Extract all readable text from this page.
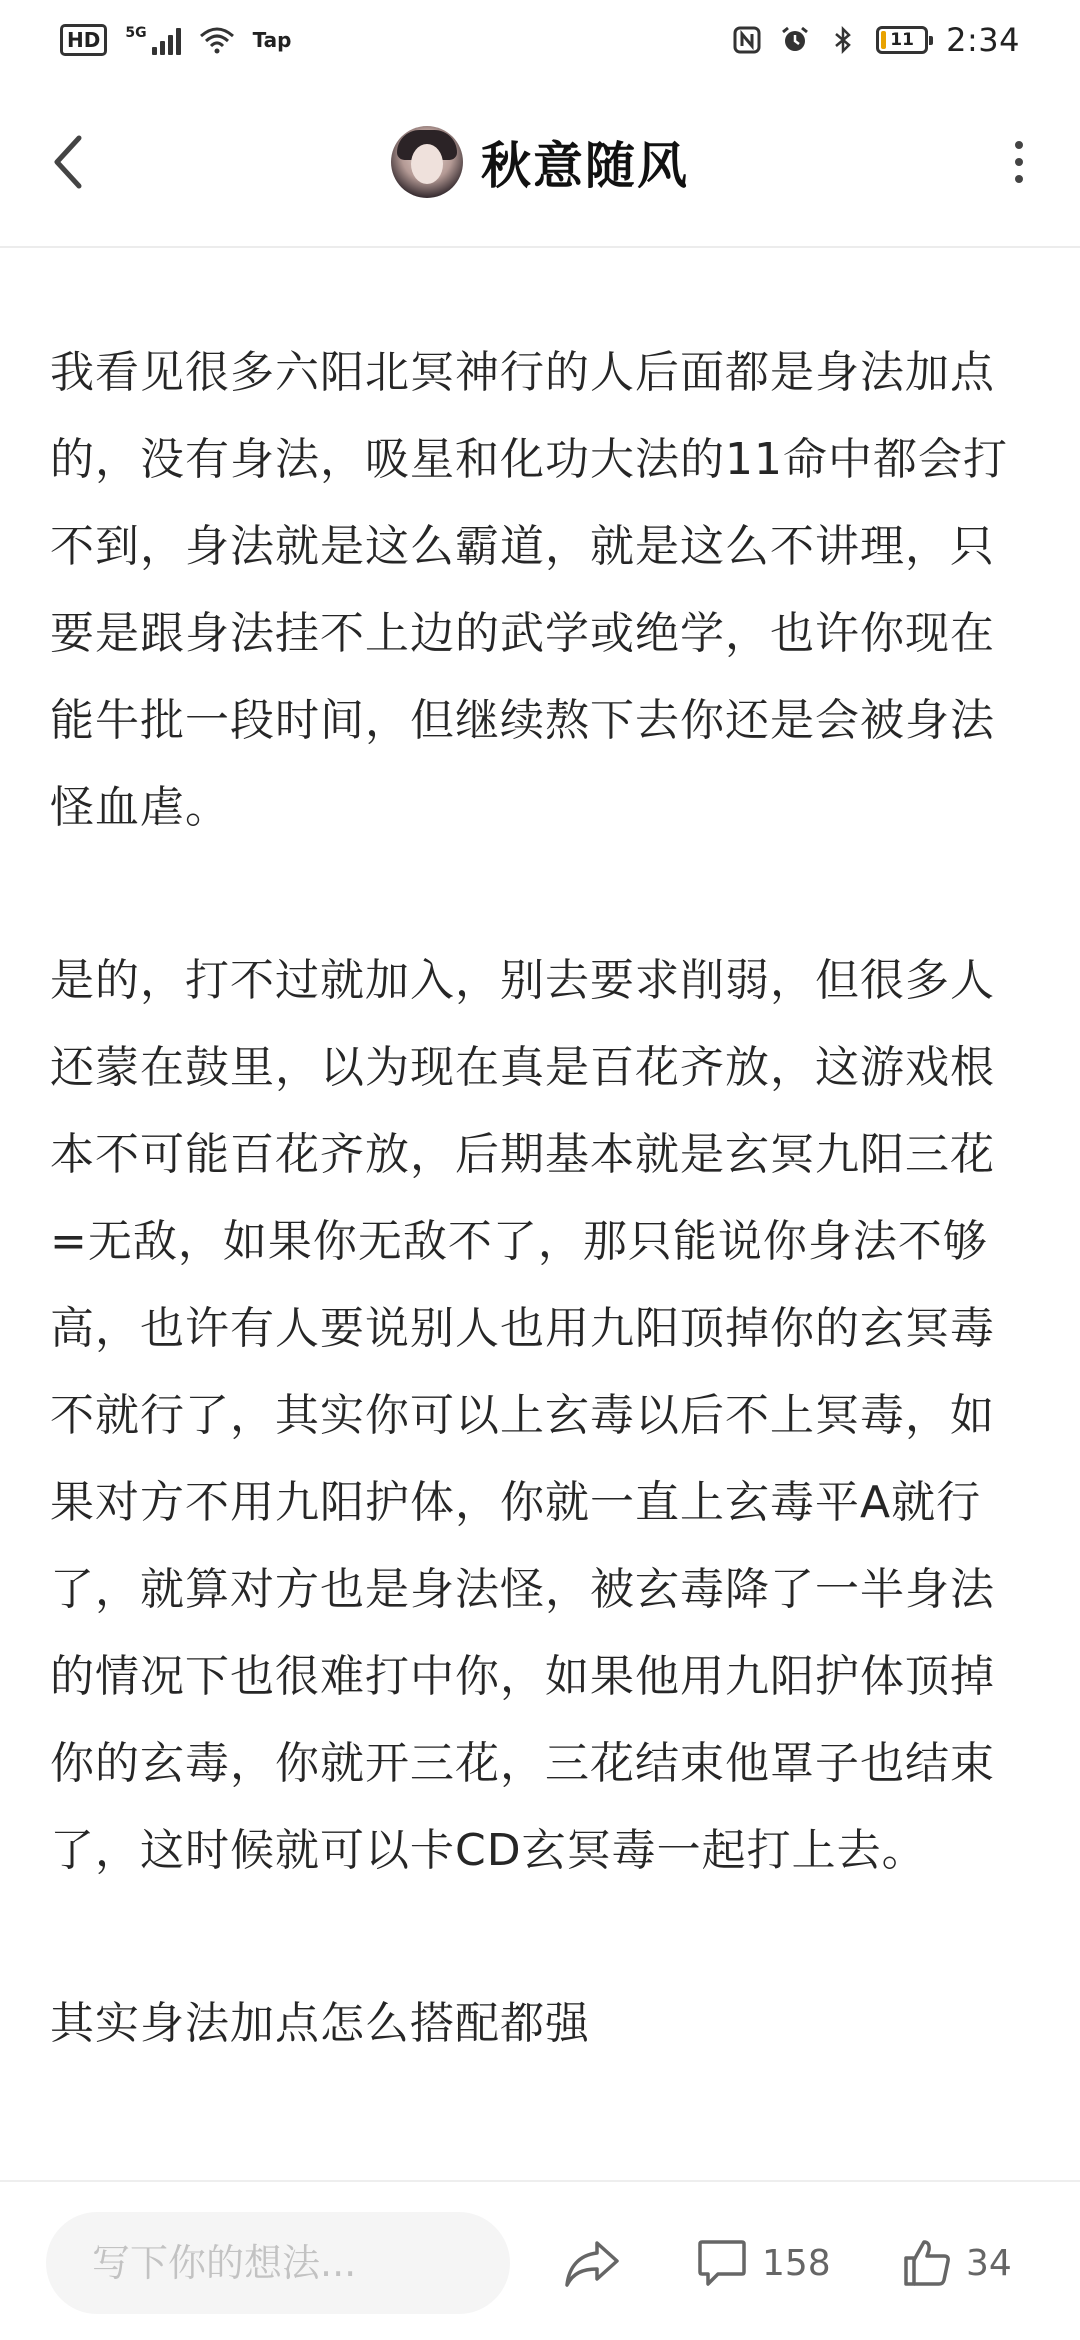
HD	5G	Tap	11	2:34
秋意随风

我看见很多六阳北冥神行的人后面都是身法加点的，没有身法，吸星和化功大法的11命中都会打不到，身法就是这么霸道，就是这么不讲理，只要是跟身法挂不上边的武学或绝学，也许你现在能牛批一段时间，但继续熬下去你还是会被身法怪血虐。

是的，打不过就加入，别去要求削弱，但很多人还蒙在鼓里，以为现在真是百花齐放，这游戏根本不可能百花齐放，后期基本就是玄冥九阳三花=无敌，如果你无敌不了，那只能说你身法不够高，也许有人要说别人也用九阳顶掉你的玄冥毒不就行了，其实你可以上玄毒以后不上冥毒，如果对方不用九阳护体，你就一直上玄毒平A就行了，就算对方也是身法怪，被玄毒降了一半身法的情况下也很难打中你，如果他用九阳护体顶掉你的玄毒，你就开三花，三花结束他罩子也结束了，这时候就可以卡CD玄冥毒一起打上去。

其实身法加点怎么搭配都强

写下你的想法...
158	34
